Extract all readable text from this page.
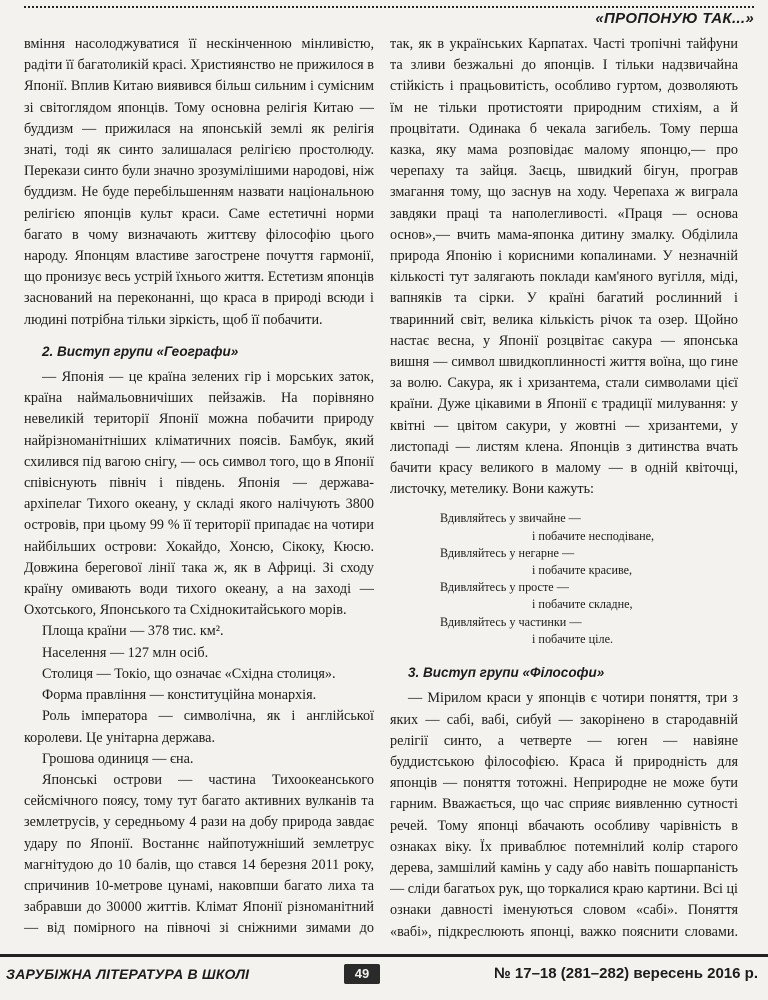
«ПРОПОНУЮ ТАК...»

вміння насолоджуватися її нескінченною мінливістю, радіти її багатоликій красі. Християнство не прижилося в Японії. Вплив Китаю виявився більш сильним і сумісним зі світоглядом японців. Тому основна релігія Китаю — буддизм — прижилася на японській землі як релігія знаті, тоді як синто залишалася релігією простолюду. Перекази синто були значно зрозумілішими народові, ніж буддизм. Не буде перебільшенням назвати національною релігією японців культ краси. Саме естетичні норми багато в чому визначають життєву філософію цього народу. Японцям властиве загострене почуття гармонії, що пронизує весь устрій їхнього життя. Естетизм японців заснований на переконанні, що краса в природі всюди і людині потрібна тільки зіркість, щоб її побачити.

2. Виступ групи «Географи»

— Японія — це країна зелених гір і морських заток, країна наймальовничіших пейзажів. На порівняно невеликій території Японії можна побачити природу найрізноманітніших кліматичних поясів. Бамбук, який схилився під вагою снігу, — ось символ того, що в Японії співіснують північ і південь. Японія — держава-архіпелаг Тихого океану, у складі якого налічують 3800 островів, при цьому 99 % її території припадає на чотири найбільших острови: Хокайдо, Хонсю, Сікоку, Кюсю. Довжина берегової лінії така ж, як в Африці. Зі сходу країну омивають води тихого океану, а на заході — Охотського, Японського та Східнокитайського морів.

Площа країни — 378 тис. км².

Населення — 127 млн осіб.

Столиця — Токіо, що означає «Східна столиця».

Форма правління — конституційна монархія.

Роль імператора — символічна, як і англійської королеви. Це унітарна держава.

Грошова одиниця — єна.

Японські острови — частина Тихоокеанського сейсмічного поясу, тому тут багато активних вулканів та землетрусів, у середньому 4 рази на добу природа завдає удару по Японії. Востаннє найпотужніший землетрус магнітудою до 10 балів, що стався 14 березня 2011 року, спричинив 10-метрове цунамі, наковпши багато лиха та забравши до 30000 життів. Клімат Японії різноманітний — від помірного на півночі зі сніжними зимами до

так, як в українських Карпатах. Часті тропічні тайфуни та зливи безжальні до японців. І тільки надзвичайна стійкість і працьовитість, особливо гуртом, дозволяють їм не тільки протистояти природним стихіям, а й процвітати. Одинака б чекала загибель. Тому перша казка, яку мама розповідає малому японцю,— про черепаху та зайця. Заєць, швидкий бігун, програв змагання тому, що заснув на ходу. Черепаха ж виграла завдяки праці та наполегливості. «Праця — основа основ»,— вчить мама-японка дитину змалку. Обділила природа Японію і корисними копалинами. У незначній кількості тут залягають поклади кам'яного вугілля, міді, вапняків та сірки. У країні багатий рослинний і тваринний світ, велика кількість річок та озер. Щойно настає весна, у Японії розцвітає сакура — японська вишня — символ швидкоплинності життя воїна, що гине за волю. Сакура, як і хризантема, стали символами цієї країни. Дуже цікавими в Японії є традиції милування: у квітні — цвітом сакури, у жовтні — хризантеми, у листопаді — листям клена. Японців з дитинства вчать бачити красу великого в малому — в одній квіточці, листочку, метелику. Вони кажуть:

Вдивляйтесь у звичайне —
і побачите несподіване,
Вдивляйтесь у негарне —
і побачите красиве,
Вдивляйтесь у просте —
і побачите складне,
Вдивляйтесь у частинки —
і побачите ціле.
3. Виступ групи «Філософи»

— Мірилом краси у японців є чотири поняття, три з яких — сабі, вабі, сибуй — закорінено в стародавній релігії синто, а четверте — юген — навіяне буддистською філософією. Краса й природність для японців — поняття тотожні. Неприродне не може бути гарним. Вважається, що час сприяє виявленню сутності речей. Тому японці вбачають особливу чарівність в ознаках віку. Їх приваблює потемнілий колір старого дерева, замшілий камінь у саду або навіть пошарпаність — сліди багатьох рук, що торкалися краю картини. Всі ці ознаки давності іменуються словом «сабі». Поняття «вабі», підкреслюють японці, важко пояснити словами.

ЗАРУБІЖНА ЛІТЕРАТУРА В ШКОЛІ	49	№ 17–18 (281–282) вересень 2016 р.
